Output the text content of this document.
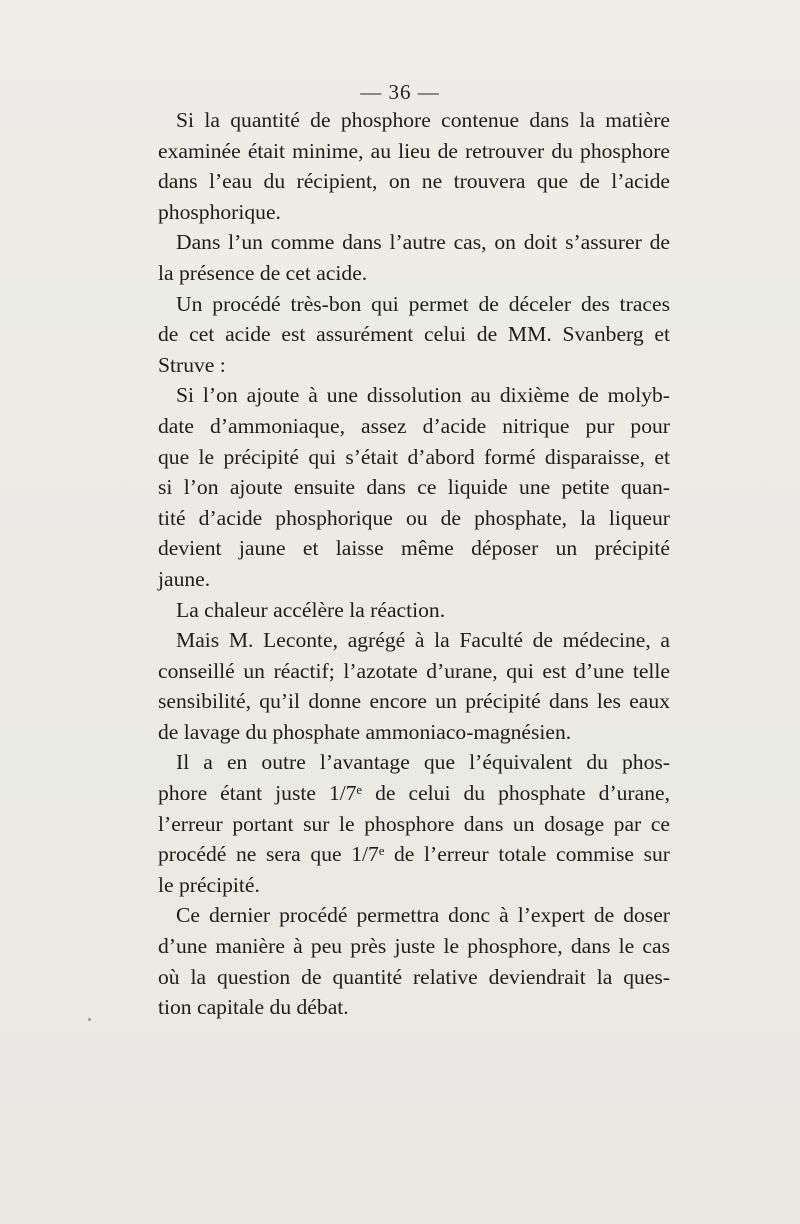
— 36 —
Si la quantité de phosphore contenue dans la matière
examinée était minime, au lieu de retrouver du phosphore
dans l’eau du récipient, on ne trouvera que de l’acide
phosphorique.
Dans l’un comme dans l’autre cas, on doit s’assurer de
la présence de cet acide.
Un procédé très-bon qui permet de déceler des traces
de cet acide est assurément celui de MM. Svanberg et
Struve :
Si l’on ajoute à une dissolution au dixième de molyb-
date d’ammoniaque, assez d’acide nitrique pur pour
que le précipité qui s’était d’abord formé disparaisse, et
si l’on ajoute ensuite dans ce liquide une petite quan-
tité d’acide phosphorique ou de phosphate, la liqueur
devient jaune et laisse même déposer un précipité
jaune.
La chaleur accélère la réaction.
Mais M. Leconte, agrégé à la Faculté de médecine, a
conseillé un réactif; l’azotate d’urane, qui est d’une telle
sensibilité, qu’il donne encore un précipité dans les eaux
de lavage du phosphate ammoniaco-magnésien.
Il a en outre l’avantage que l’équivalent du phos-
phore étant juste 1/7ᵉ de celui du phosphate d’urane,
l’erreur portant sur le phosphore dans un dosage par ce
procédé ne sera que 1/7ᵉ de l’erreur totale commise sur
le précipité.
Ce dernier procédé permettra donc à l’expert de doser
d’une manière à peu près juste le phosphore, dans le cas
où la question de quantité relative deviendrait la ques-
tion capitale du débat.
